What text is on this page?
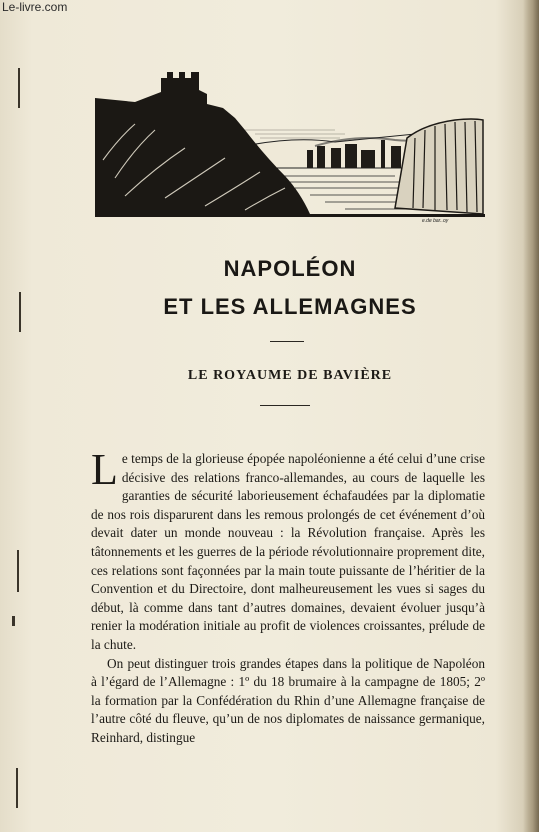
Le-livre.com
e.de bar..oy
NAPOLÉON
ET LES ALLEMAGNES
LE ROYAUME DE BAVIÈRE

Le temps de la glorieuse épopée napoléonienne a été celui d’une crise décisive des relations franco-allemandes, au cours de laquelle les garanties de sécurité laborieusement échafaudées par la diplomatie de nos rois disparurent dans les remous prolongés de cet événement d’où devait dater un monde nouveau : la Révolution française. Après les tâtonnements et les guerres de la période révolutionnaire proprement dite, ces relations sont façonnées par la main toute puissante de l’héritier de la Convention et du Directoire, dont malheureusement les vues si sages du début, là comme dans tant d’autres domaines, devaient évoluer jusqu’à renier la modération initiale au profit de violences croissantes, prélude de la chute.

On peut distinguer trois grandes étapes dans la politique de Napoléon à l’égard de l’Allemagne : 1º du 18 brumaire à la campagne de 1805; 2º la formation par la Confédération du Rhin d’une Allemagne française de l’autre côté du fleuve, qu’un de nos diplomates de naissance germanique, Reinhard, distingue
